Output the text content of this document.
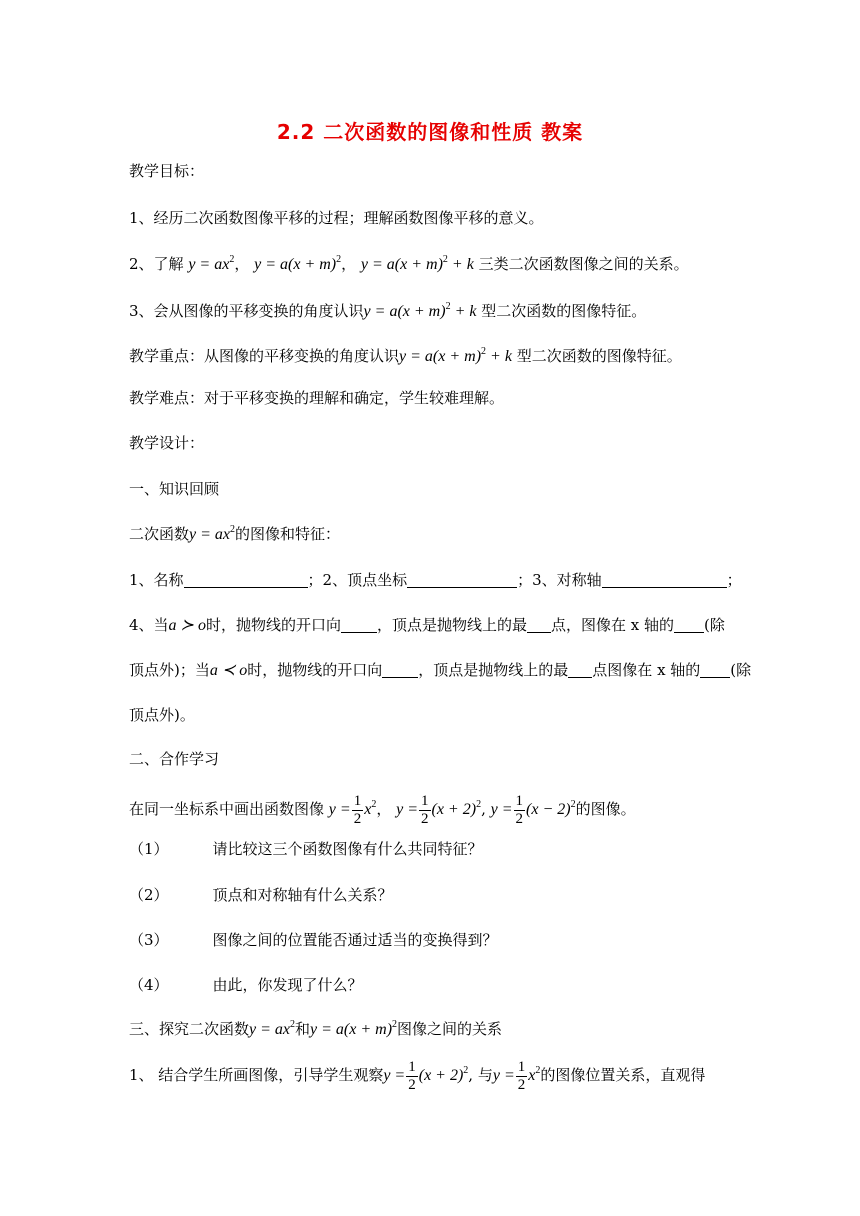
2.2 二次函数的图像和性质 教案
教学目标：
1、经历二次函数图像平移的过程；理解函数图像平移的意义。
2、了解 $y = ax^2$， $y = a(x + m)^2$， $y = a(x + m)^2 + k$ 三类二次函数图像之间的关系。
3、会从图像的平移变换的角度认识$y = a(x + m)^2 + k$ 型二次函数的图像特征。
教学重点：从图像的平移变换的角度认识$y = a(x + m)^2 + k$ 型二次函数的图像特征。
教学难点：对于平移变换的理解和确定，学生较难理解。
教学设计：
一、知识回顾
二次函数$y = ax^2$的图像和特征：
1、名称	；2、顶点坐标	；3、对称轴	；
4、当a ≻ o时，抛物线的开口向 ，顶点是抛物线上的最 点，图像在 x 轴的 (除
顶点外)；当a ≺ o时，抛物线的开口向 ，顶点是抛物线上的最 点图像在 x 轴的 (除
顶点外)。
二、合作学习
在同一坐标系中画出函数图像 $y = \frac{1}{2} x^2$， $y = \frac{1}{2} (x + 2)^2$, $y = \frac{1}{2} (x - 2)^2$的图像。
（1）	请比较这三个函数图像有什么共同特征？
（2）	顶点和对称轴有什么关系？
（3）	图像之间的位置能否通过适当的变换得到？
（4）	由此，你发现了什么？
三、探究二次函数$y = ax^2$和$y = a(x + m)^2$图像之间的关系
1、 结合学生所画图像，引导学生观察$y = \frac{1}{2} (x + 2)^2$, 与$y = \frac{1}{2} x^2$的图像位置关系，直观得
